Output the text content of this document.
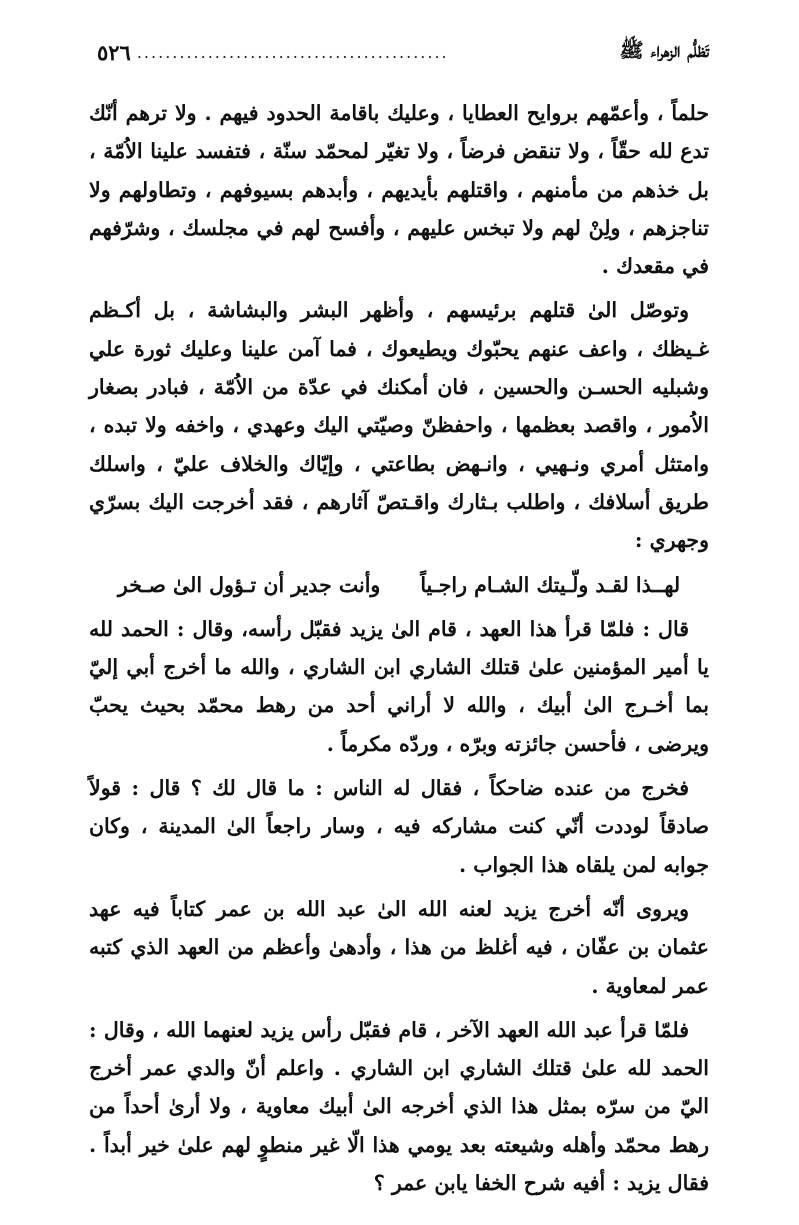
تَظلُّم الزهراء ﷺ
............................................
٥٢٦

حلماً ، وأعمّهم بروايح العطايا ، وعليك باقامة الحدود فيهم . ولا ترهم أنّك تدع لله حقّاً ، ولا تنقض فرضاً ، ولا تغيّر لمحمّد سنّة ، فتفسد علينا الاُمّة ، بل خذهم من مأمنهم ، واقتلهم بأيديهم ، وأبدهم بسيوفهم ، وتطاولهم ولا تناجزهم ، ولِنْ لهم ولا تبخس عليهم ، وأفسح لهم في مجلسك ، وشرّفهم في مقعدك .

وتوصّل الىٰ قتلهم برئيسهم ، وأظهر البشر والبشاشة ، بل أكـظم غـيظك ، واعف عنهم يحبّوك ويطيعوك ، فما آمن علينا وعليك ثورة علي وشبليه الحسـن والحسين ، فان أمكنك في عدّة من الاُمّة ، فبادر بصغار الاُمور ، واقصد بعظمها ، واحفظنّ وصيّتي اليك وعهدي ، واخفه ولا تبده ، وامتثل أمري ونـهيي ، وانـهض بطاعتي ، وإيّاك والخلاف عليّ ، واسلك طريق أسلافك ، واطلب بـثارك واقـتصّ آثارهم ، فقد أخرجت اليك بسرّي وجهري :

لهــذا لقـد ولّـيتك الشـام راجـياً
وأنت جدير أن تـؤول الىٰ صـخر

قال : فلمّا قرأ هذا العهد ، قام الىٰ يزيد فقبّل رأسه، وقال : الحمد لله يا أمير المؤمنين علىٰ قتلك الشاري ابن الشاري ، والله ما أخرج أبي إليّ بما أخـرج الىٰ أبيك ، والله لا أراني أحد من رهط محمّد بحيث يحبّ ويرضى ، فأحسن جائزته وبرّه ، وردّه مكرماً .

فخرج من عنده ضاحكاً ، فقال له الناس : ما قال لك ؟ قال : قولاً صادقاً لوددت أنّي كنت مشاركه فيه ، وسار راجعاً الىٰ المدينة ، وكان جوابه لمن يلقاه هذا الجواب .

ويروى أنّه أخرج يزيد لعنه الله الىٰ عبد الله بن عمر كتاباً فيه عهد عثمان بن عفّان ، فيه أغلظ من هذا ، وأدهىٰ وأعظم من العهد الذي كتبه عمر لمعاوية .

فلمّا قرأ عبد الله العهد الآخر ، قام فقبّل رأس يزيد لعنهما الله ، وقال : الحمد لله علىٰ قتلك الشاري ابن الشاري . واعلم أنّ والدي عمر أخرج اليّ من سرّه بمثل هذا الذي أخرجه الىٰ أبيك معاوية ، ولا أرىٰ أحداً من رهط محمّد وأهله وشيعته بعد يومي هذا الّا غير منطوٍ لهم علىٰ خير أبداً . فقال يزيد : أفيه شرح الخفا يابن عمر ؟
